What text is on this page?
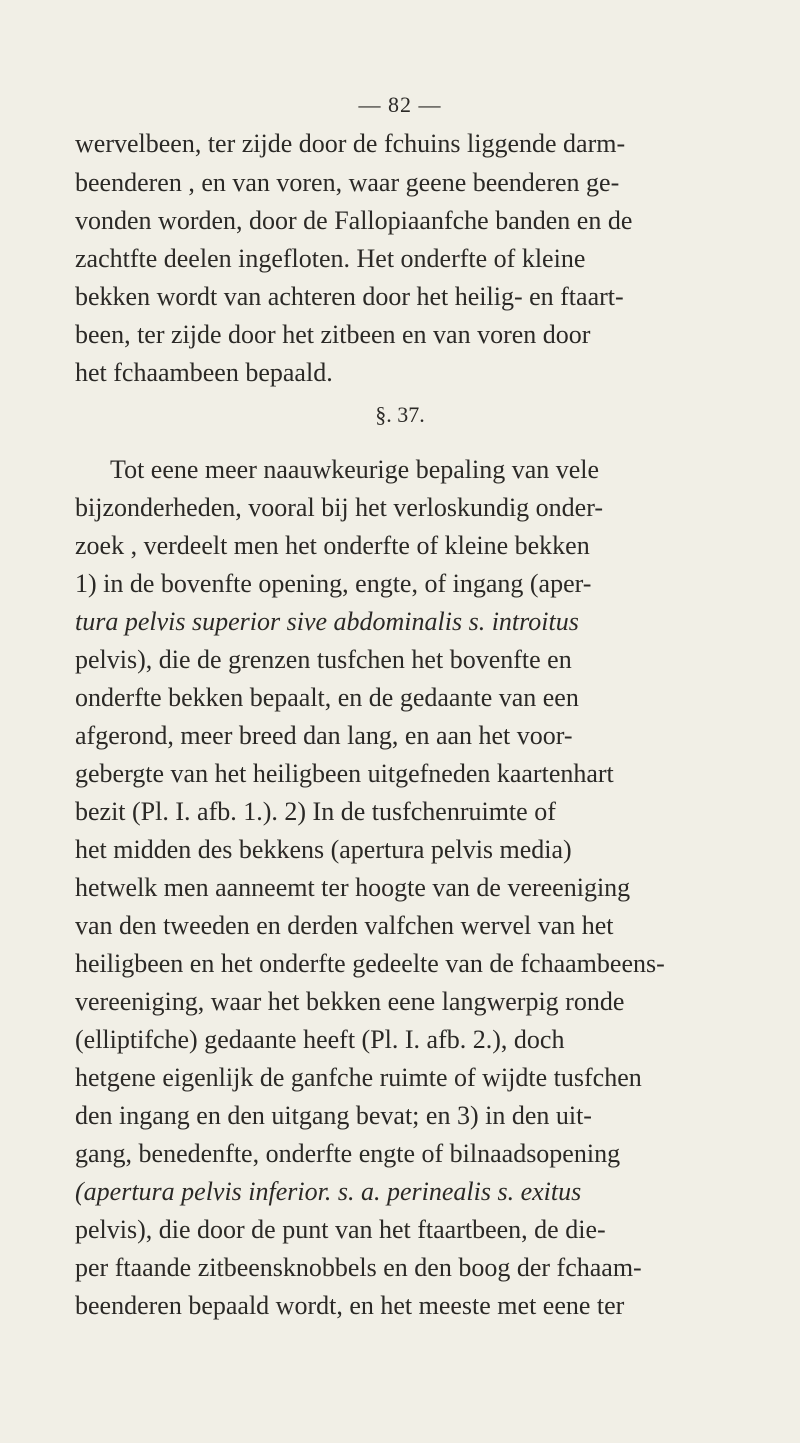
— 82 —
wervelbeen, ter zijde door de fchuins liggende darm-
beenderen , en van voren, waar geene beenderen ge-
vonden worden, door de Fallopiaanfche banden en de
zachtfte deelen ingefloten. Het onderfte of kleine
bekken wordt van achteren door het heilig- en ftaart-
been, ter zijde door het zitbeen en van voren door
het fchaambeen bepaald.
§. 37.
Tot eene meer naauwkeurige bepaling van vele
bijzonderheden, vooral bij het verloskundig onder-
zoek , verdeelt men het onderfte of kleine bekken
1) in de bovenfte opening, engte, of ingang (aper-
tura pelvis superior sive abdominalis s. introitus
pelvis), die de grenzen tusfchen het bovenfte en
onderfte bekken bepaalt, en de gedaante van een
afgerond, meer breed dan lang, en aan het voor-
gebergte van het heiligbeen uitgefneden kaartenhart
bezit (Pl. I. afb. 1.). 2) In de tusfchenruimte of
het midden des bekkens (apertura pelvis media)
hetwelk men aanneemt ter hoogte van de vereeniging
van den tweeden en derden valfchen wervel van het
heiligbeen en het onderfte gedeelte van de fchaambeens-
vereeniging, waar het bekken eene langwerpig ronde
(elliptifche) gedaante heeft (Pl. I. afb. 2.), doch
hetgene eigenlijk de ganfche ruimte of wijdte tusfchen
den ingang en den uitgang bevat; en 3) in den uit-
gang, benedenfte, onderfte engte of bilnaadsopening
(apertura pelvis inferior. s. a. perinealis s. exitus
pelvis), die door de punt van het ftaartbeen, de die-
per ftaande zitbeensknobbels en den boog der fchaam-
beenderen bepaald wordt, en het meeste met eene ter
